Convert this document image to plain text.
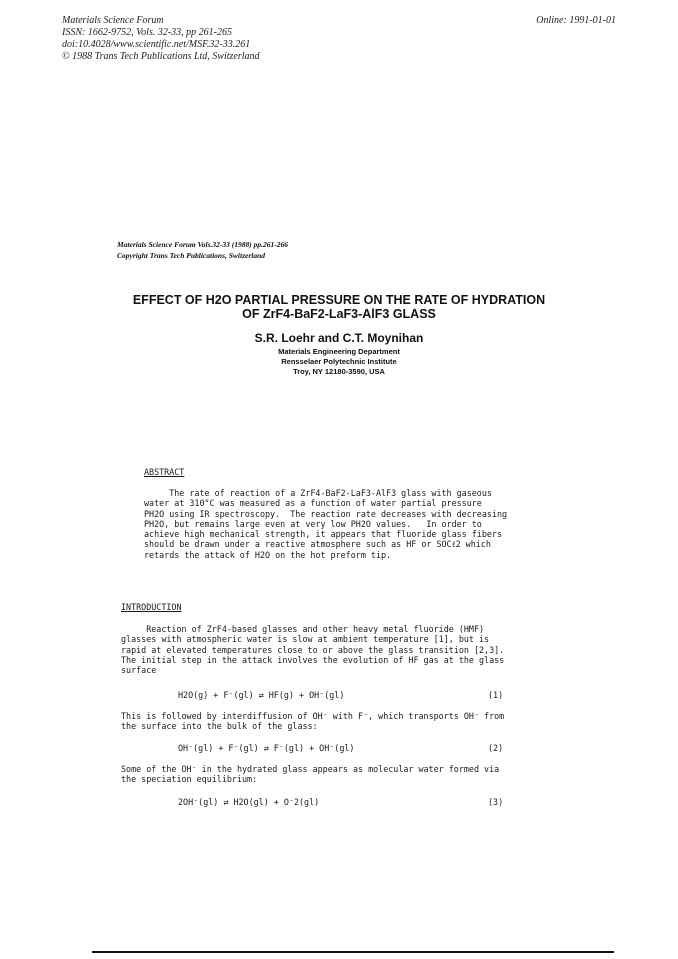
Materials Science Forum
ISSN: 1662-9752, Vols. 32-33, pp 261-265
doi:10.4028/www.scientific.net/MSF.32-33.261
© 1988 Trans Tech Publications Ltd, Switzerland
Online: 1991-01-01
Materials Science Forum Vols.32-33 (1988) pp.261-266
Copyright Trans Tech Publications, Switzerland
EFFECT OF H2O PARTIAL PRESSURE ON THE RATE OF HYDRATION
OF ZrF4-BaF2-LaF3-AlF3 GLASS
S.R. Loehr and C.T. Moynihan
Materials Engineering Department
Rensselaer Polytechnic Institute
Troy, NY 12180-3590, USA
ABSTRACT
The rate of reaction of a ZrF4-BaF2-LaF3-AlF3 glass with gaseous
water at 310°C was measured as a function of water partial pressure
PH2O using IR spectroscopy.  The reaction rate decreases with decreasing
PH2O, but remains large even at very low PH2O values.   In order to
achieve high mechanical strength, it appears that fluoride glass fibers
should be drawn under a reactive atmosphere such as HF or SOCℓ2 which
retards the attack of H2O on the hot preform tip.
INTRODUCTION
Reaction of ZrF4-based glasses and other heavy metal fluoride (HMF)
glasses with atmospheric water is slow at ambient temperature [1], but is
rapid at elevated temperatures close to or above the glass transition [2,3].
The initial step in the attack involves the evolution of HF gas at the glass
surface
H2O(g) + F⁻(gl) ⇄ HF(g) + OH⁻(gl)	(1)
This is followed by interdiffusion of OH⁻ with F⁻, which transports OH⁻ from
the surface into the bulk of the glass:
OH⁻(gl) + F⁻(gl) ⇄ F⁻(gl) + OH⁻(gl)	(2)
Some of the OH⁻ in the hydrated glass appears as molecular water formed via
the speciation equilibrium:
2OH⁻(gl) ⇄ H2O(gl) + O⁻2(gl)	(3)
